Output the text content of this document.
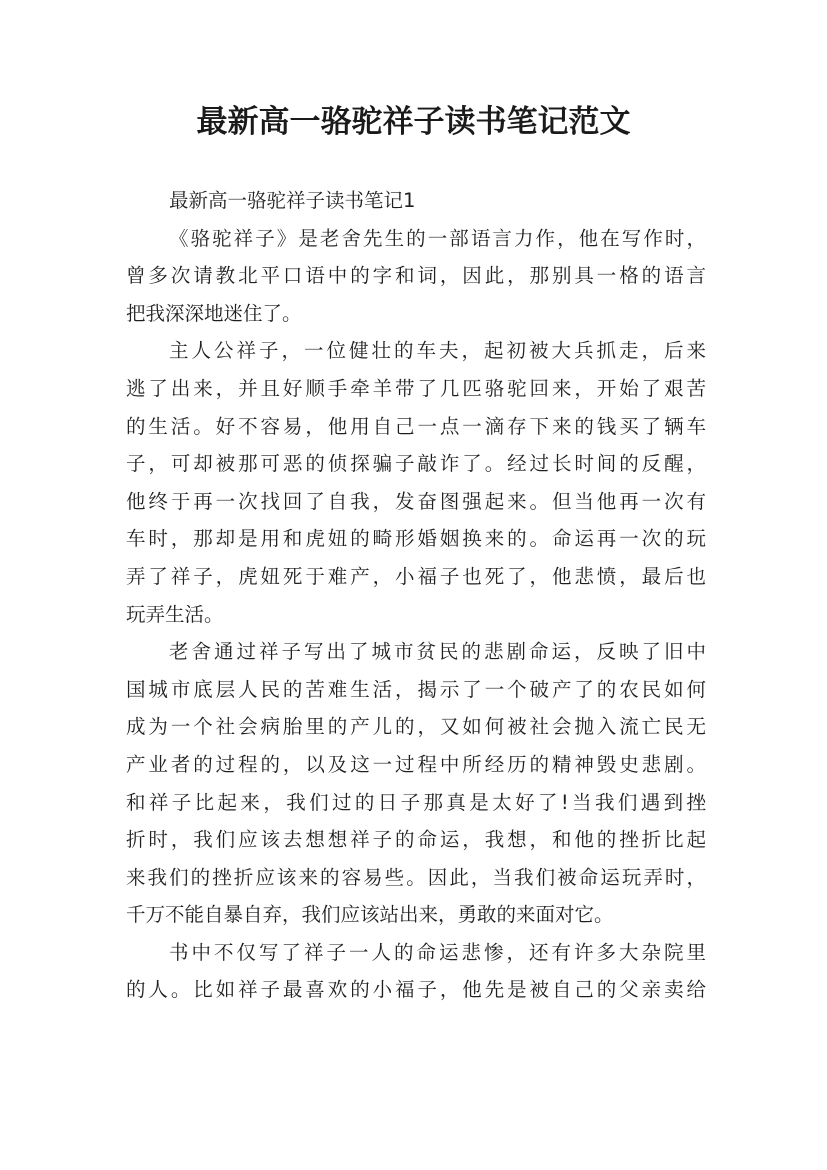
最新高一骆驼祥子读书笔记范文
最新高一骆驼祥子读书笔记1
《骆驼祥子》是老舍先生的一部语言力作，他在写作时，
曾多次请教北平口语中的字和词，因此，那别具一格的语言
把我深深地迷住了。
主人公祥子，一位健壮的车夫，起初被大兵抓走，后来
逃了出来，并且好顺手牵羊带了几匹骆驼回来，开始了艰苦
的生活。好不容易，他用自己一点一滴存下来的钱买了辆车
子，可却被那可恶的侦探骗子敲诈了。经过长时间的反醒，
他终于再一次找回了自我，发奋图强起来。但当他再一次有
车时，那却是用和虎妞的畸形婚姻换来的。命运再一次的玩
弄了祥子，虎妞死于难产，小福子也死了，他悲愤，最后也
玩弄生活。
老舍通过祥子写出了城市贫民的悲剧命运，反映了旧中
国城市底层人民的苦难生活，揭示了一个破产了的农民如何
成为一个社会病胎里的产儿的，又如何被社会抛入流亡民无
产业者的过程的，以及这一过程中所经历的精神毁史悲剧。
和祥子比起来，我们过的日子那真是太好了!当我们遇到挫
折时，我们应该去想想祥子的命运，我想，和他的挫折比起
来我们的挫折应该来的容易些。因此，当我们被命运玩弄时，
千万不能自暴自弃，我们应该站出来，勇敢的来面对它。
书中不仅写了祥子一人的命运悲惨，还有许多大杂院里
的人。比如祥子最喜欢的小福子，他先是被自己的父亲卖给
